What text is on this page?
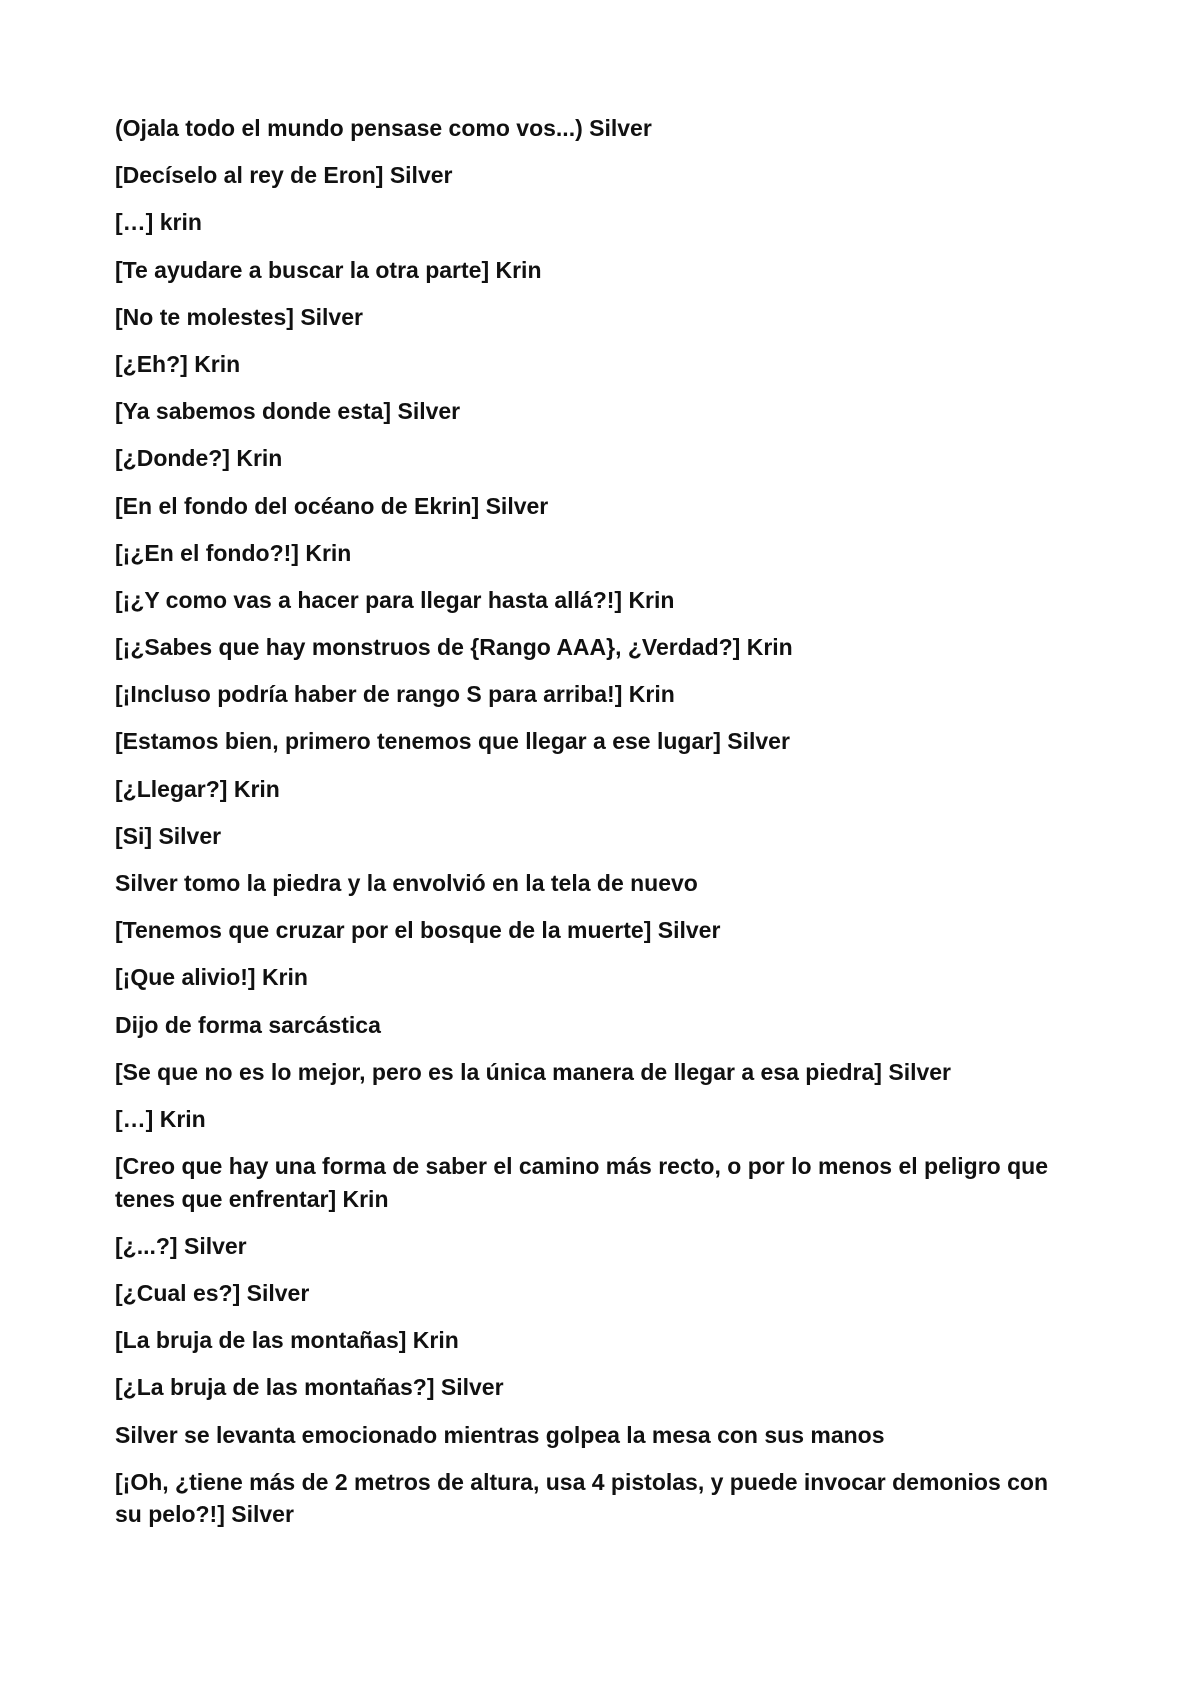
(Ojala todo el mundo pensase como vos...) Silver

[Decíselo al rey de Eron] Silver

[…] krin

[Te ayudare a buscar la otra parte] Krin

[No te molestes] Silver

[¿Eh?] Krin

[Ya sabemos donde esta] Silver

[¿Donde?] Krin

[En el fondo del océano de Ekrin] Silver

[¡¿En el fondo?!] Krin

[¡¿Y como vas a hacer para llegar hasta allá?!] Krin

[¡¿Sabes que hay monstruos de {Rango AAA}, ¿Verdad?] Krin

[¡Incluso podría haber de rango S para arriba!] Krin

[Estamos bien, primero tenemos que llegar a ese lugar] Silver

[¿Llegar?] Krin

[Si] Silver

Silver tomo la piedra y la envolvió en la tela de nuevo

[Tenemos que cruzar por el bosque de la muerte] Silver

[¡Que alivio!] Krin

Dijo de forma sarcástica

[Se que no es lo mejor, pero es la única manera de llegar a esa piedra] Silver

[…] Krin

[Creo que hay una forma de saber el camino más recto, o por lo menos el peligro que tenes que enfrentar] Krin

[¿...?] Silver

[¿Cual es?] Silver

[La bruja de las montañas] Krin

[¿La bruja de las montañas?] Silver

Silver se levanta emocionado mientras golpea la mesa con sus manos

[¡Oh, ¿tiene más de 2 metros de altura, usa 4 pistolas, y puede invocar demonios con su pelo?!] Silver
